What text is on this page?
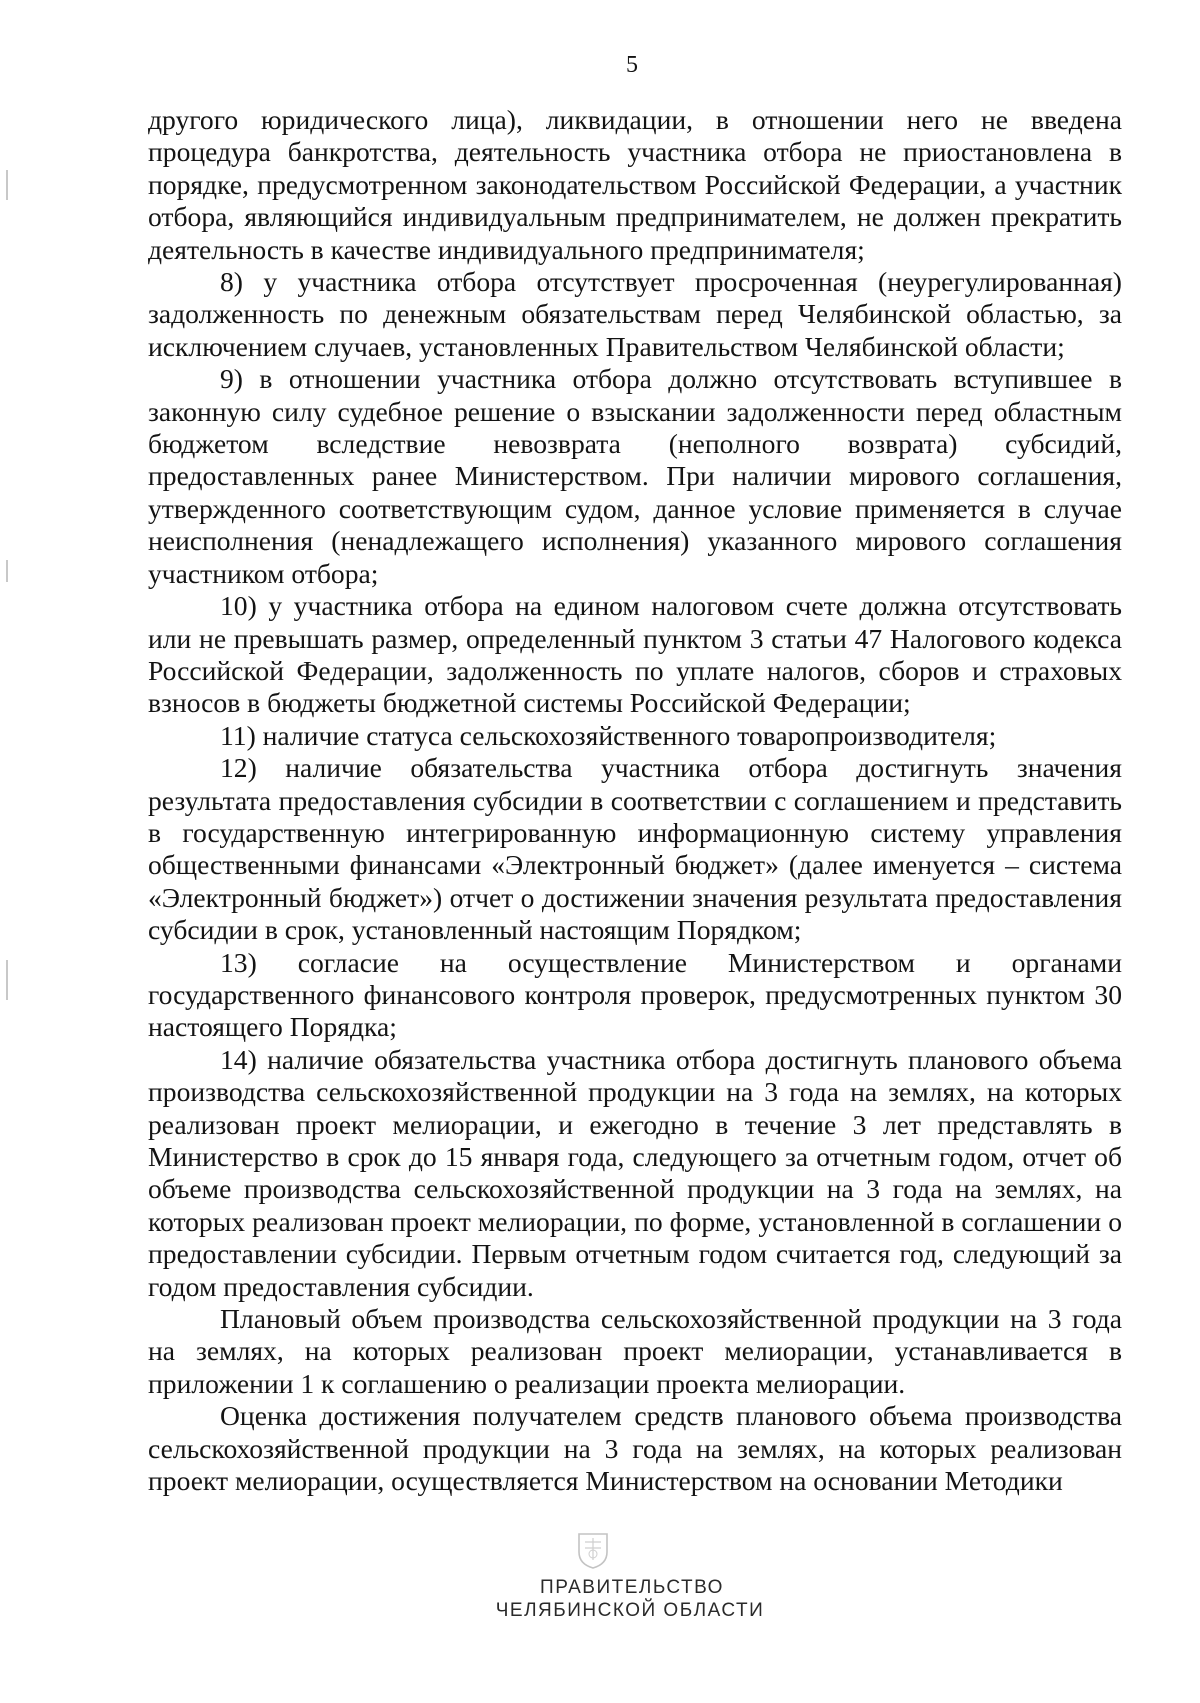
5

другого юридического лица), ликвидации, в отношении него не введена процедура банкротства, деятельность участника отбора не приостановлена в порядке, предусмотренном законодательством Российской Федерации, а участник отбора, являющийся индивидуальным предпринимателем, не должен прекратить деятельность в качестве индивидуального предпринимателя;

8) у участника отбора отсутствует просроченная (неурегулированная) задолженность по денежным обязательствам перед Челябинской областью, за исключением случаев, установленных Правительством Челябинской области;

9) в отношении участника отбора должно отсутствовать вступившее в законную силу судебное решение о взыскании задолженности перед областным бюджетом вследствие невозврата (неполного возврата) субсидий, предоставленных ранее Министерством. При наличии мирового соглашения, утвержденного соответствующим судом, данное условие применяется в случае неисполнения (ненадлежащего исполнения) указанного мирового соглашения участником отбора;

10) у участника отбора на едином налоговом счете должна отсутствовать или не превышать размер, определенный пунктом 3 статьи 47 Налогового кодекса Российской Федерации, задолженность по уплате налогов, сборов и страховых взносов в бюджеты бюджетной системы Российской Федерации;

11) наличие статуса сельскохозяйственного товаропроизводителя;

12) наличие обязательства участника отбора достигнуть значения результата предоставления субсидии в соответствии с соглашением и представить в государственную интегрированную информационную систему управления общественными финансами «Электронный бюджет» (далее именуется – система «Электронный бюджет») отчет о достижении значения результата предоставления субсидии в срок, установленный настоящим Порядком;

13) согласие на осуществление Министерством и органами государственного финансового контроля проверок, предусмотренных пунктом 30 настоящего Порядка;

14) наличие обязательства участника отбора достигнуть планового объема производства сельскохозяйственной продукции на 3 года на землях, на которых реализован проект мелиорации, и ежегодно в течение 3 лет представлять в Министерство в срок до 15 января года, следующего за отчетным годом, отчет об объеме производства сельскохозяйственной продукции на 3 года на землях, на которых реализован проект мелиорации, по форме, установленной в соглашении о предоставлении субсидии. Первым отчетным годом считается год, следующий за годом предоставления субсидии.

Плановый объем производства сельскохозяйственной продукции на 3 года на землях, на которых реализован проект мелиорации, устанавливается в приложении 1 к соглашению о реализации проекта мелиорации.

Оценка достижения получателем средств планового объема производства сельскохозяйственной продукции на 3 года на землях, на которых реализован проект мелиорации, осуществляется Министерством на основании Методики

ПРАВИТЕЛЬСТВО
ЧЕЛЯБИНСКОЙ ОБЛАСТИ
